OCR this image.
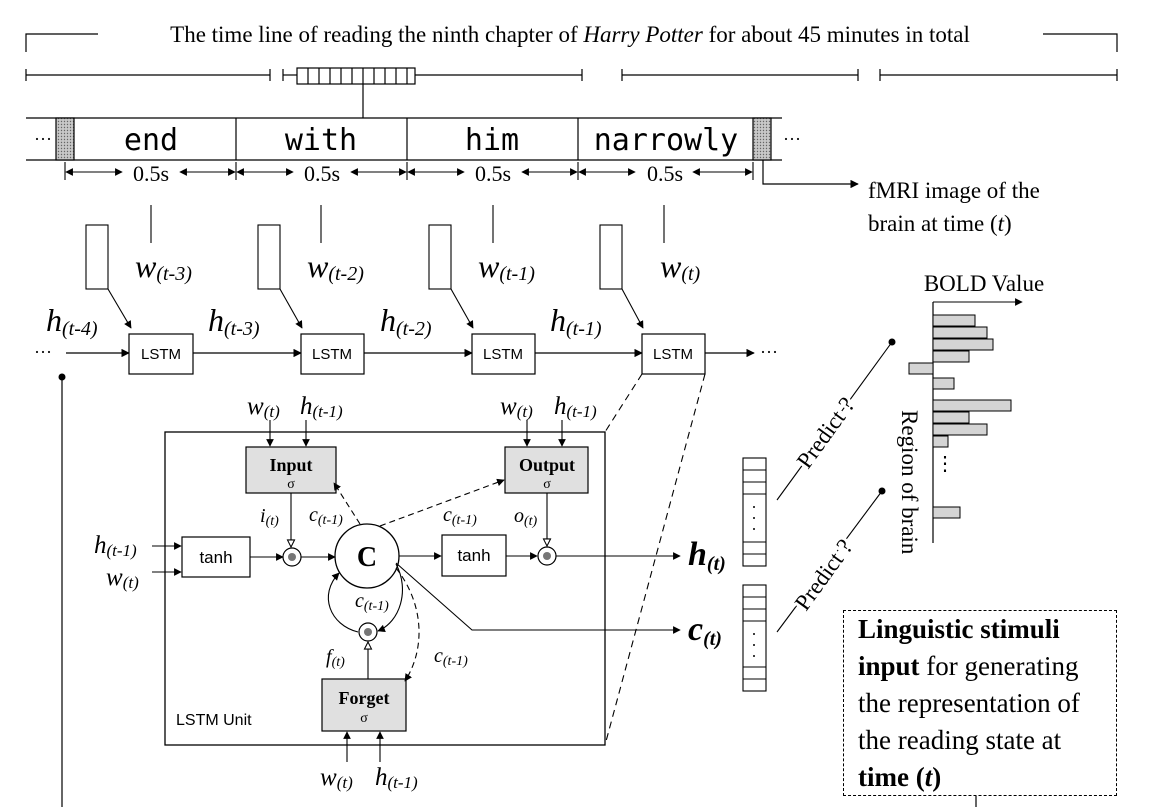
The time line of reading the ninth chapter of Harry Potter for about 45 minutes in total
···	···
end	with	him narrowly
0.5s	0.5s	0.5s	0.5s
fMRI image of the
brain at time (t)
w(t-3)	w(t-2)	w(t-1)	w(t)
···	···
LSTM	LSTM	LSTM	LSTM
h(t-4)	h(t-3)	h(t-2)	h(t-1)
LSTM Unit
w(t) h(t-1)	w(t) h(t-1)
Input
σ
Output
σ
Forget
σ
h(t-1)
w(t)
tanh
i(t)
C
c(t-1)	c(t-1)
c(t-1)
c(t-1)
f(t)
w(t) h(t-1)
tanh
o(t)
h(t)
c(t)
Predict ?
Predict ?
BOLD Value
⋮
Region of brain
Linguistic stimuli
input for generating
the representation of
the reading state at
time (t)
